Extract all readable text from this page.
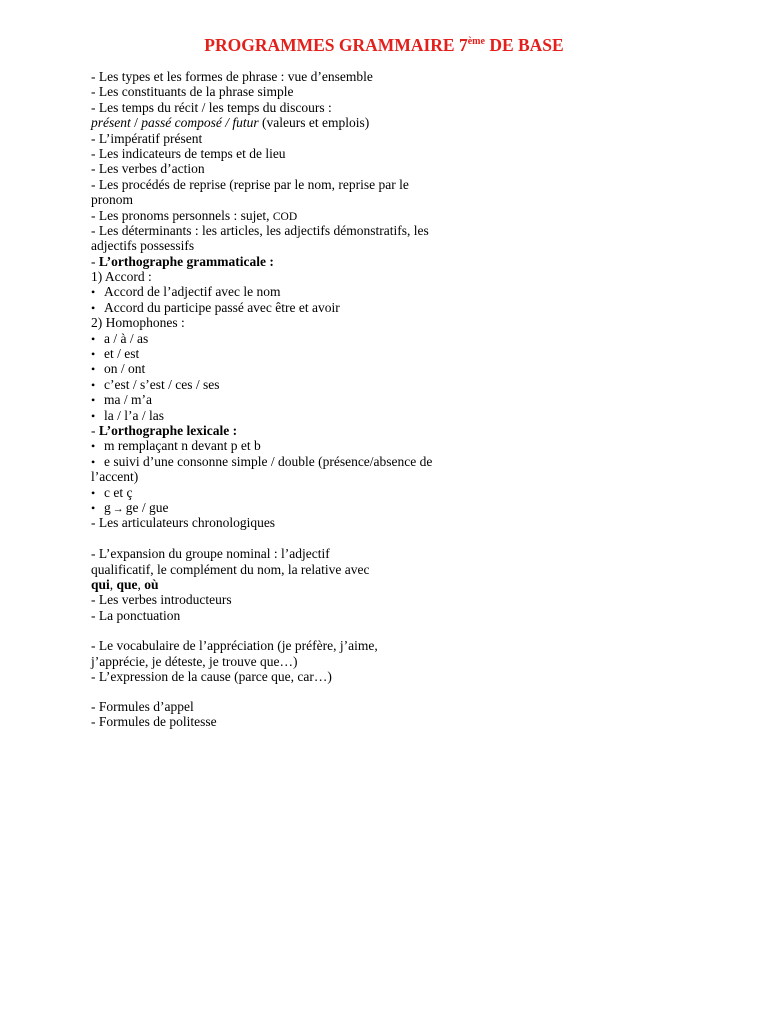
PROGRAMMES GRAMMAIRE 7ème DE BASE
- Les types et les formes de phrase : vue d’ensemble
- Les constituants de la phrase simple
- Les temps du récit / les temps du discours :
présent / passé composé / futur (valeurs et emplois)
- L’impératif présent
- Les indicateurs de temps et de lieu
- Les verbes d’action
- Les procédés de reprise (reprise par le nom, reprise par le
pronom
- Les pronoms personnels : sujet, COD
- Les déterminants : les articles, les adjectifs démonstratifs, les
adjectifs possessifs
- L’orthographe grammaticale :
1) Accord :
• Accord de l’adjectif avec le nom
• Accord du participe passé avec être et avoir
2) Homophones :
• a / à / as
• et / est
• on / ont
• c’est / s’est / ces / ses
• ma / m’a
• la / l’a / las
- L’orthographe lexicale :
• m remplaçant n devant p et b
• e suivi d’une consonne simple / double (présence/absence de
l’accent)
• c et ç
• g → ge / gue
- Les articulateurs chronologiques
- L’expansion du groupe nominal : l’adjectif
qualificatif, le complément du nom, la relative avec
qui, que, où
- Les verbes introducteurs
- La ponctuation
- Le vocabulaire de l’appréciation (je préfère, j’aime,
j’apprécie, je déteste, je trouve que…)
- L’expression de la cause (parce que, car…)
- Formules d’appel
- Formules de politesse
